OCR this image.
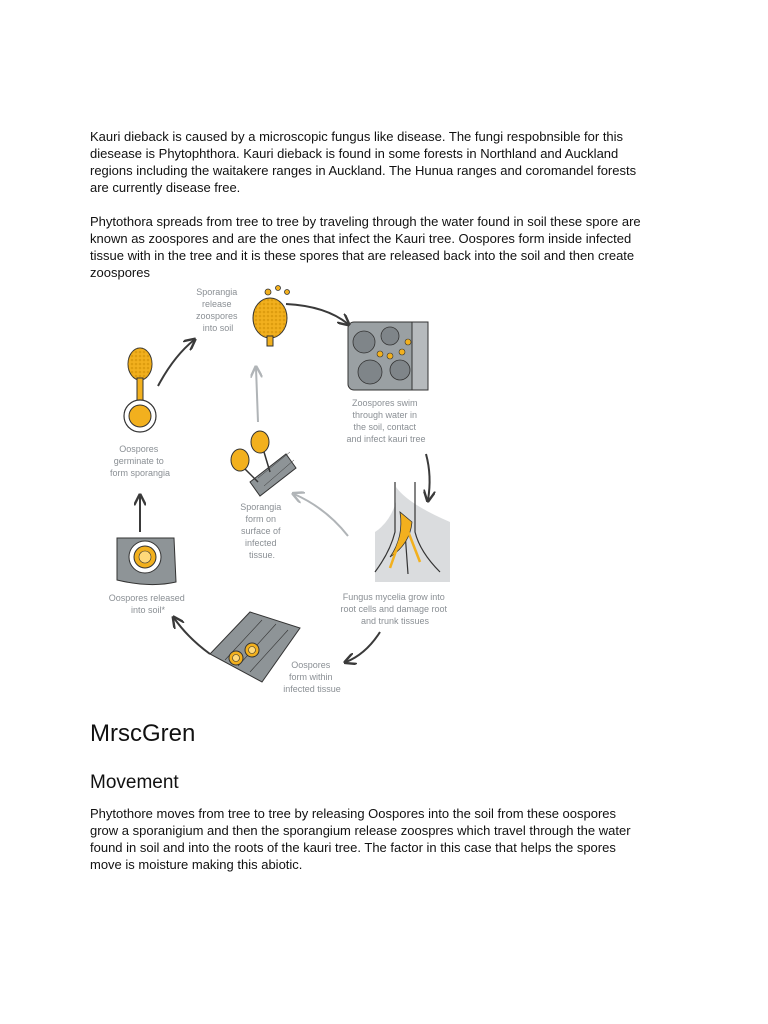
Kauri dieback is caused by a microscopic fungus like disease. The fungi respobnsible for this
diesease is Phytophthora. Kauri dieback is found in some forests in Northland and Auckland
regions including the waitakere ranges in Auckland. The Hunua ranges and coromandel forests
are currently disease free.

Phytothora spreads from tree to tree by traveling through the water found in soil these spore are
known as zoospores and are the ones that infect the Kauri tree. Oospores form inside infected
tissue with in the tree and it is these spores that are released back into the soil and then create
zoospores

Sporangia release zoospores into soil
Zoospores swim through water in the soil, contact and infect kauri tree
Fungus mycelia grow into root cells and damage root and trunk tissues
Oospores form within infected tissue
Oospores released into soil*
Oospores germinate to form sporangia
Sporangia form on surface of infected tissue.
MrscGren
Movement

Phytothore moves from tree to tree by releasing Oospores into the soil from these oospores
grow a sporanigium and then the sporangium release zoospres which travel through the water
found in soil and into the roots of the kauri tree. The factor in this case that helps the spores
move is moisture making this abiotic.
